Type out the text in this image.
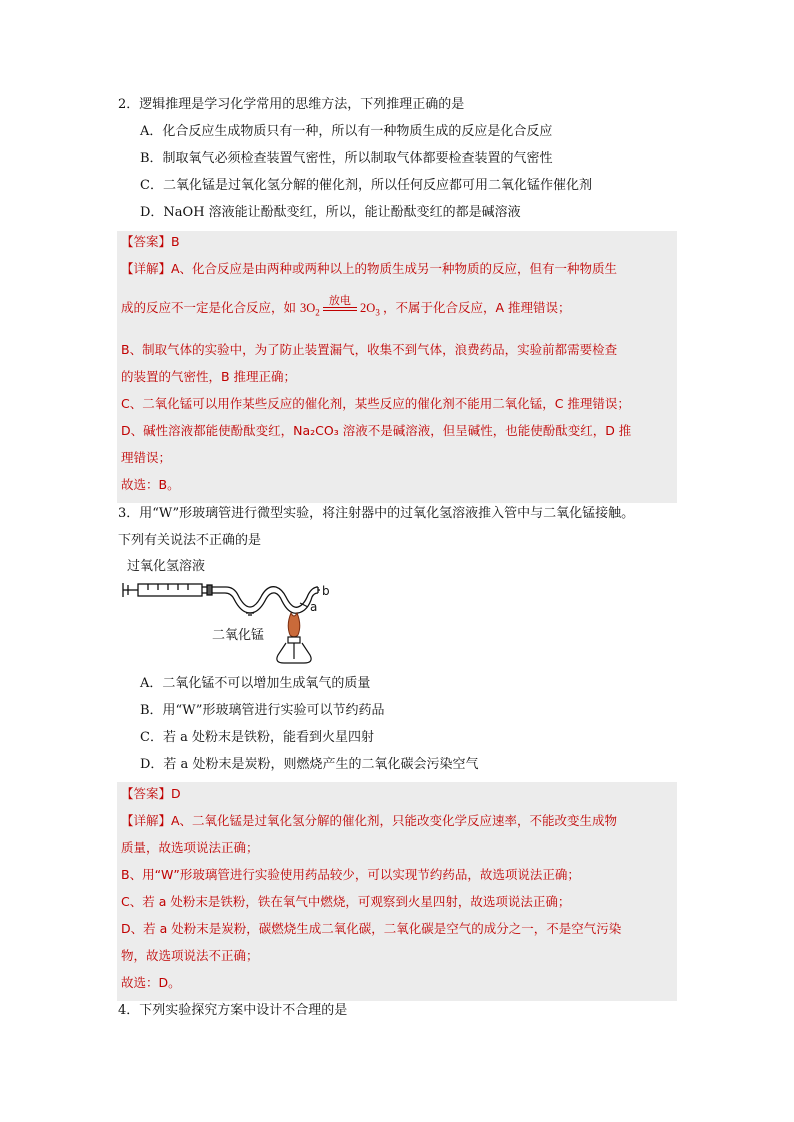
2．逻辑推理是学习化学常用的思维方法，下列推理正确的是
A．化合反应生成物质只有一种，所以有一种物质生成的反应是化合反应
B．制取氧气必须检查装置气密性，所以制取气体都要检查装置的气密性
C．二氧化锰是过氧化氢分解的催化剂，所以任何反应都可用二氧化锰作催化剂
D．NaOH 溶液能让酚酞变红，所以，能让酚酞变红的都是碱溶液
【答案】B
【详解】A、化合反应是由两种或两种以上的物质生成另一种物质的反应，但有一种物质生
成的反应不一定是化合反应，如 $3O_2$
放电
$2O_3$ ，不属于化合反应，A 推理错误；
B、制取气体的实验中，为了防止装置漏气，收集不到气体，浪费药品，实验前都需要检查
的装置的气密性，B 推理正确；
C、二氧化锰可以用作某些反应的催化剂，某些反应的催化剂不能用二氧化锰，C 推理错误；
D、碱性溶液都能使酚酞变红，Na₂CO₃ 溶液不是碱溶液，但呈碱性，也能使酚酞变红，D 推
理错误；
故选：B。
3．用“W”形玻璃管进行微型实验，将注射器中的过氧化氢溶液推入管中与二氧化锰接触。
下列有关说法不正确的是
过氧化氢溶液
b
a
二氧化锰
A．二氧化锰不可以增加生成氧气的质量
B．用“W”形玻璃管进行实验可以节约药品
C．若 a 处粉末是铁粉，能看到火星四射
D．若 a 处粉末是炭粉，则燃烧产生的二氧化碳会污染空气
【答案】D
【详解】A、二氧化锰是过氧化氢分解的催化剂，只能改变化学反应速率，不能改变生成物
质量，故选项说法正确；
B、用“W”形玻璃管进行实验使用药品较少，可以实现节约药品，故选项说法正确；
C、若 a 处粉末是铁粉，铁在氧气中燃烧，可观察到火星四射，故选项说法正确；
D、若 a 处粉末是炭粉，碳燃烧生成二氧化碳，二氧化碳是空气的成分之一，不是空气污染
物，故选项说法不正确；
故选：D。
4．下列实验探究方案中设计不合理的是
